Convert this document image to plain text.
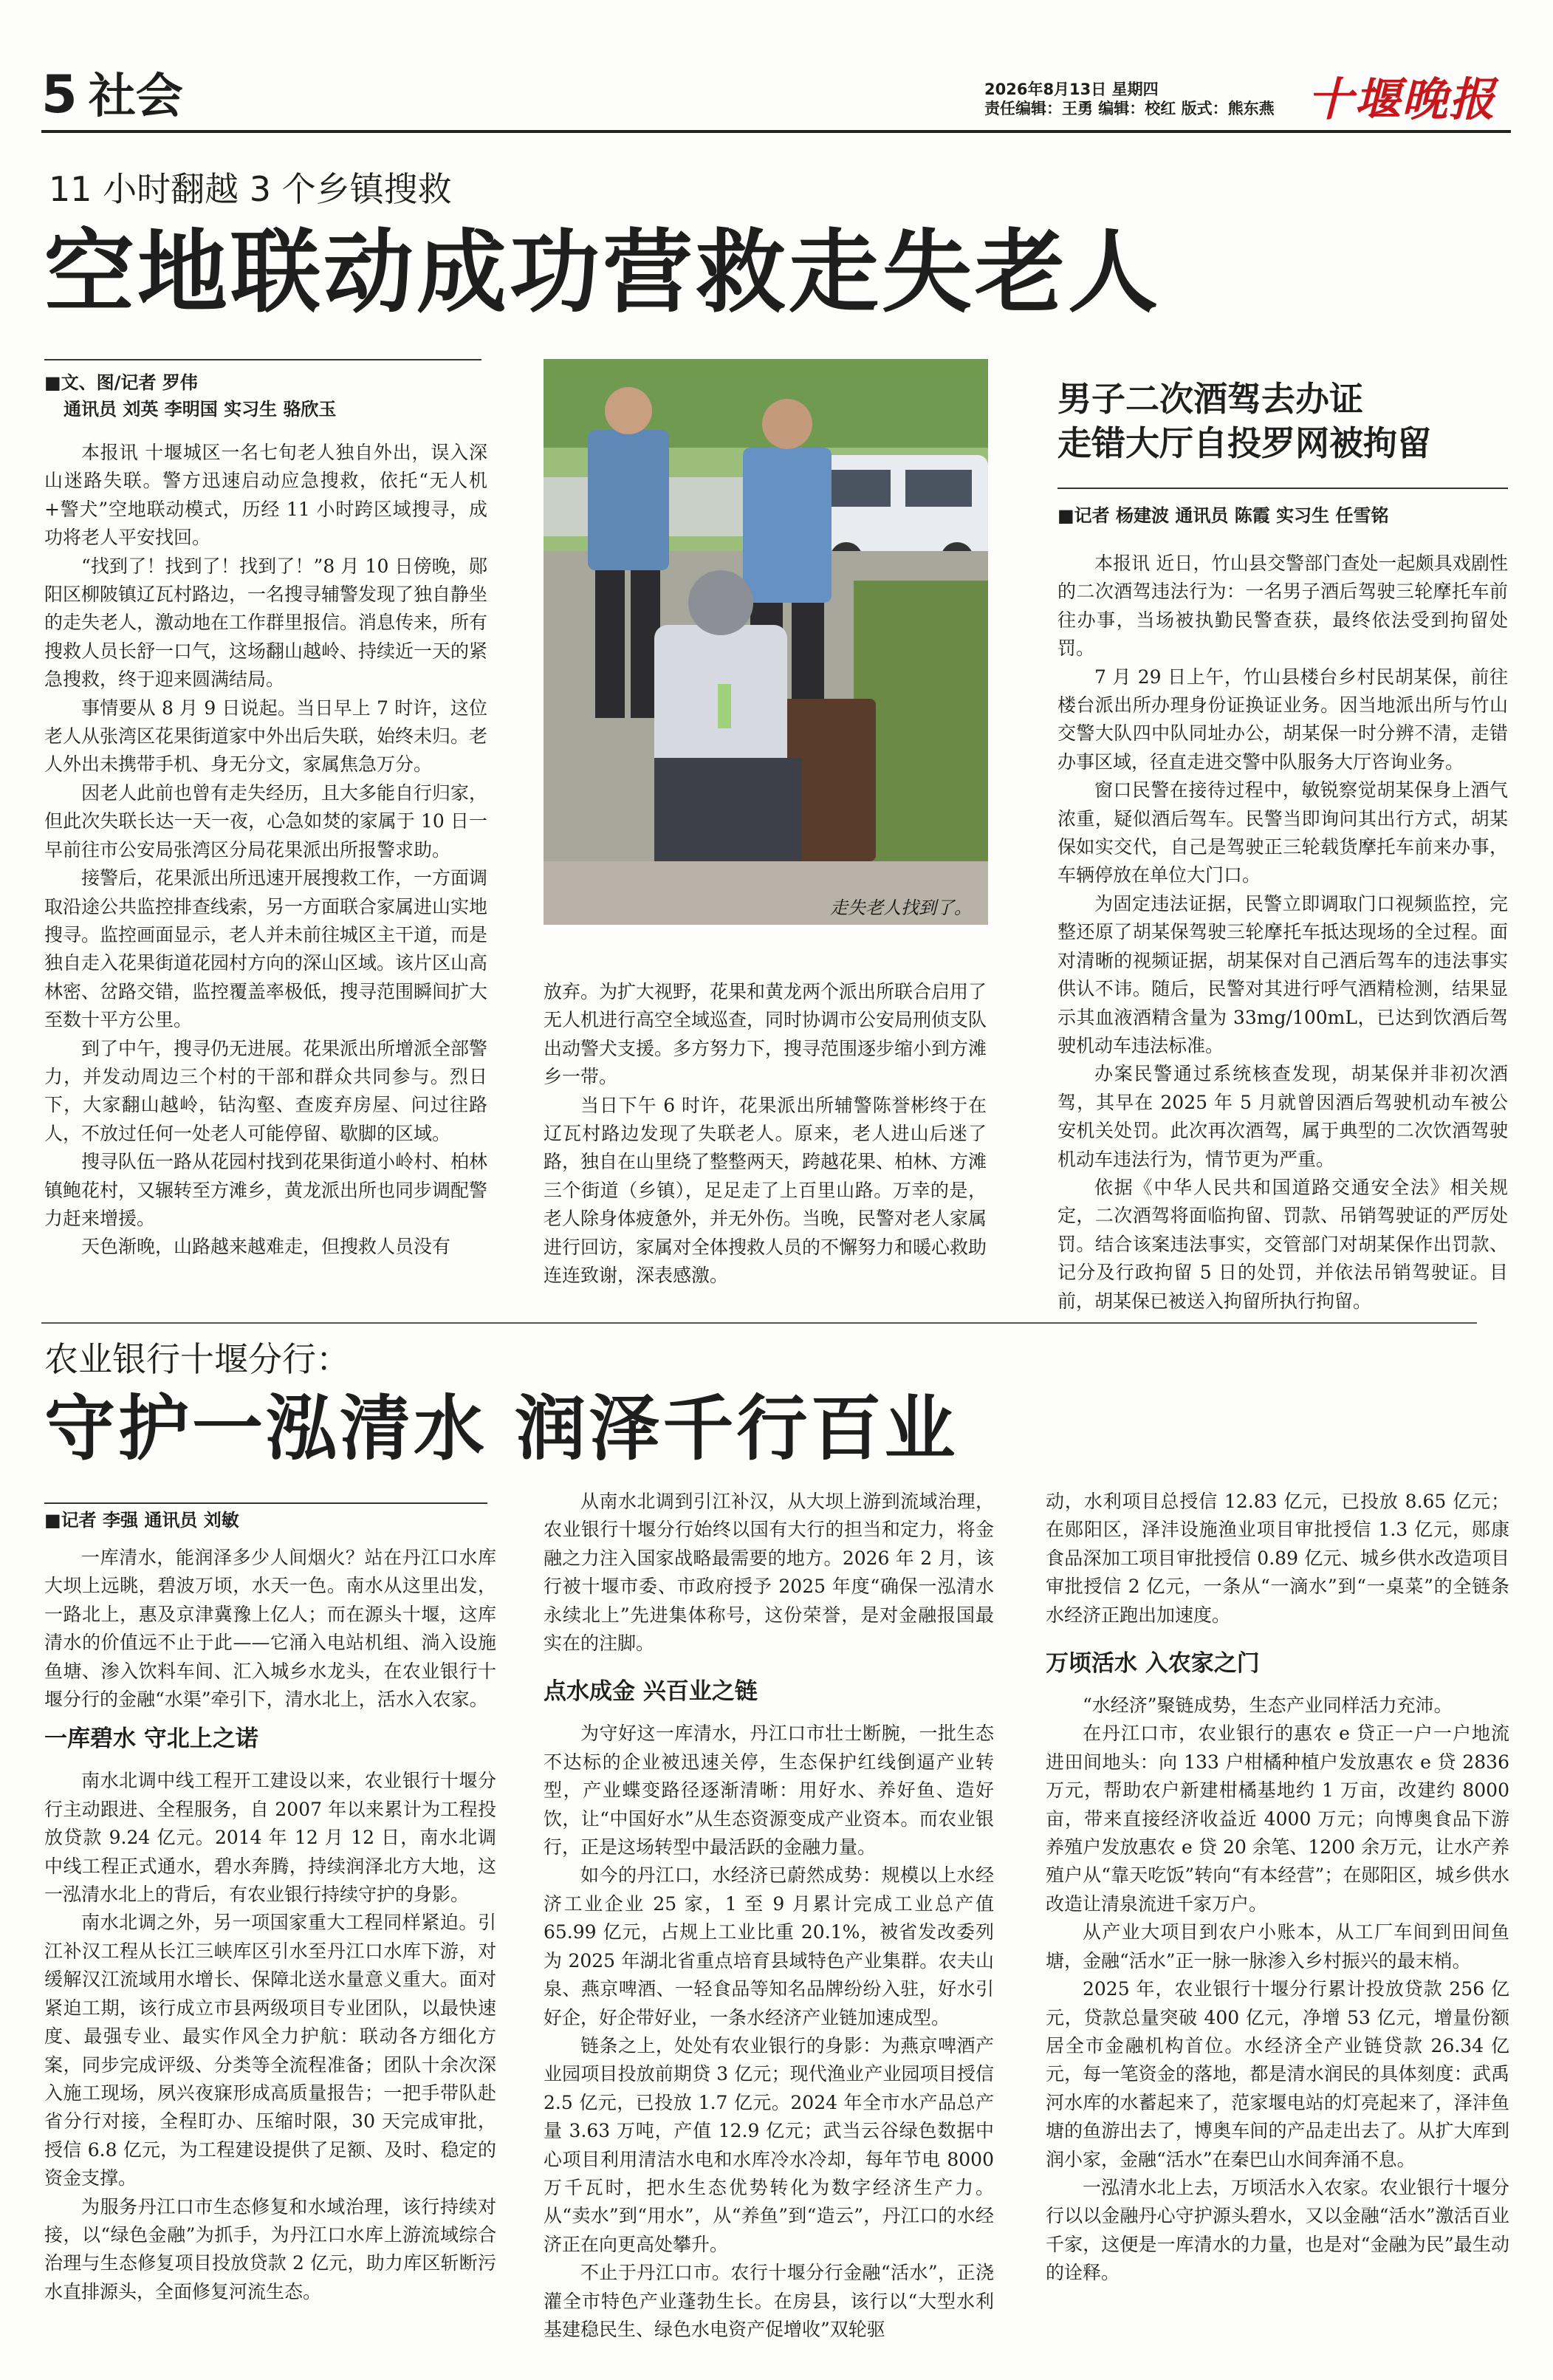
5 社会	2026年8月13日 星期四
责任编辑：王勇 编辑：校红 版式：熊东燕 十堰晚报
11 小时翻越 3 个乡镇搜救
空地联动成功营救走失老人
■文、图/记者 罗伟
通讯员 刘英 李明国 实习生 骆欣玉

本报讯 十堰城区一名七旬老人独自外出，误入深山迷路失联。警方迅速启动应急搜救，依托“无人机+警犬”空地联动模式，历经 11 小时跨区域搜寻，成功将老人平安找回。

“找到了！找到了！找到了！”8 月 10 日傍晚，郧阳区柳陂镇辽瓦村路边，一名搜寻辅警发现了独自静坐的走失老人，激动地在工作群里报信。消息传来，所有搜救人员长舒一口气，这场翻山越岭、持续近一天的紧急搜救，终于迎来圆满结局。

事情要从 8 月 9 日说起。当日早上 7 时许，这位老人从张湾区花果街道家中外出后失联，始终未归。老人外出未携带手机、身无分文，家属焦急万分。

因老人此前也曾有走失经历，且大多能自行归家，但此次失联长达一天一夜，心急如焚的家属于 10 日一早前往市公安局张湾区分局花果派出所报警求助。

接警后，花果派出所迅速开展搜救工作，一方面调取沿途公共监控排查线索，另一方面联合家属进山实地搜寻。监控画面显示，老人并未前往城区主干道，而是独自走入花果街道花园村方向的深山区域。该片区山高林密、岔路交错，监控覆盖率极低，搜寻范围瞬间扩大至数十平方公里。

到了中午，搜寻仍无进展。花果派出所增派全部警力，并发动周边三个村的干部和群众共同参与。烈日下，大家翻山越岭，钻沟壑、查废弃房屋、问过往路人，不放过任何一处老人可能停留、歇脚的区域。

搜寻队伍一路从花园村找到花果街道小岭村、柏林镇鲍花村，又辗转至方滩乡，黄龙派出所也同步调配警力赶来增援。

天色渐晚，山路越来越难走，但搜救人员没有

走失老人找到了。

放弃。为扩大视野，花果和黄龙两个派出所联合启用了无人机进行高空全域巡查，同时协调市公安局刑侦支队出动警犬支援。多方努力下，搜寻范围逐步缩小到方滩乡一带。

当日下午 6 时许，花果派出所辅警陈誉彬终于在辽瓦村路边发现了失联老人。原来，老人进山后迷了路，独自在山里绕了整整两天，跨越花果、柏林、方滩三个街道（乡镇），足足走了上百里山路。万幸的是，老人除身体疲惫外，并无外伤。当晚，民警对老人家属进行回访，家属对全体搜救人员的不懈努力和暖心救助连连致谢，深表感激。

男子二次酒驾去办证
走错大厅自投罗网被拘留
■记者 杨建波 通讯员 陈霞 实习生 任雪铭

本报讯 近日，竹山县交警部门查处一起颇具戏剧性的二次酒驾违法行为：一名男子酒后驾驶三轮摩托车前往办事，当场被执勤民警查获，最终依法受到拘留处罚。

7 月 29 日上午，竹山县楼台乡村民胡某保，前往楼台派出所办理身份证换证业务。因当地派出所与竹山交警大队四中队同址办公，胡某保一时分辨不清，走错办事区域，径直走进交警中队服务大厅咨询业务。

窗口民警在接待过程中，敏锐察觉胡某保身上酒气浓重，疑似酒后驾车。民警当即询问其出行方式，胡某保如实交代，自己是驾驶正三轮载货摩托车前来办事，车辆停放在单位大门口。

为固定违法证据，民警立即调取门口视频监控，完整还原了胡某保驾驶三轮摩托车抵达现场的全过程。面对清晰的视频证据，胡某保对自己酒后驾车的违法事实供认不讳。随后，民警对其进行呼气酒精检测，结果显示其血液酒精含量为 33mg/100mL，已达到饮酒后驾驶机动车违法标准。

办案民警通过系统核查发现，胡某保并非初次酒驾，其早在 2025 年 5 月就曾因酒后驾驶机动车被公安机关处罚。此次再次酒驾，属于典型的二次饮酒驾驶机动车违法行为，情节更为严重。

依据《中华人民共和国道路交通安全法》相关规定，二次酒驾将面临拘留、罚款、吊销驾驶证的严厉处罚。结合该案违法事实，交管部门对胡某保作出罚款、记分及行政拘留 5 日的处罚，并依法吊销驾驶证。目前，胡某保已被送入拘留所执行拘留。

农业银行十堰分行：
守护一泓清水 润泽千行百业
■记者 李强 通讯员 刘敏

一库清水，能润泽多少人间烟火？站在丹江口水库大坝上远眺，碧波万顷，水天一色。南水从这里出发，一路北上，惠及京津冀豫上亿人；而在源头十堰，这库清水的价值远不止于此——它涌入电站机组、淌入设施鱼塘、渗入饮料车间、汇入城乡水龙头，在农业银行十堰分行的金融“水渠”牵引下，清水北上，活水入农家。

一库碧水 守北上之诺

南水北调中线工程开工建设以来，农业银行十堰分行主动跟进、全程服务，自 2007 年以来累计为工程投放贷款 9.24 亿元。2014 年 12 月 12 日，南水北调中线工程正式通水，碧水奔腾，持续润泽北方大地，这一泓清水北上的背后，有农业银行持续守护的身影。

南水北调之外，另一项国家重大工程同样紧迫。引江补汉工程从长江三峡库区引水至丹江口水库下游，对缓解汉江流域用水增长、保障北送水量意义重大。面对紧迫工期，该行成立市县两级项目专业团队，以最快速度、最强专业、最实作风全力护航：联动各方细化方案，同步完成评级、分类等全流程准备；团队十余次深入施工现场，夙兴夜寐形成高质量报告；一把手带队赴省分行对接，全程盯办、压缩时限，30 天完成审批，授信 6.8 亿元，为工程建设提供了足额、及时、稳定的资金支撑。

为服务丹江口市生态修复和水域治理，该行持续对接，以“绿色金融”为抓手，为丹江口水库上游流域综合治理与生态修复项目投放贷款 2 亿元，助力库区斩断污水直排源头，全面修复河流生态。

从南水北调到引江补汉，从大坝上游到流域治理，农业银行十堰分行始终以国有大行的担当和定力，将金融之力注入国家战略最需要的地方。2026 年 2 月，该行被十堰市委、市政府授予 2025 年度“确保一泓清水永续北上”先进集体称号，这份荣誉，是对金融报国最实在的注脚。

点水成金 兴百业之链

为守好这一库清水，丹江口市壮士断腕，一批生态不达标的企业被迅速关停，生态保护红线倒逼产业转型，产业蝶变路径逐渐清晰：用好水、养好鱼、造好饮，让“中国好水”从生态资源变成产业资本。而农业银行，正是这场转型中最活跃的金融力量。

如今的丹江口，水经济已蔚然成势：规模以上水经济工业企业 25 家，1 至 9 月累计完成工业总产值 65.99 亿元，占规上工业比重 20.1%，被省发改委列为 2025 年湖北省重点培育县域特色产业集群。农夫山泉、燕京啤酒、一轻食品等知名品牌纷纷入驻，好水引好企，好企带好业，一条水经济产业链加速成型。

链条之上，处处有农业银行的身影：为燕京啤酒产业园项目投放前期贷 3 亿元；现代渔业产业园项目授信 2.5 亿元，已投放 1.7 亿元。2024 年全市水产品总产量 3.63 万吨，产值 12.9 亿元；武当云谷绿色数据中心项目利用清洁水电和水库冷水冷却，每年节电 8000 万千瓦时，把水生态优势转化为数字经济生产力。从“卖水”到“用水”，从“养鱼”到“造云”，丹江口的水经济正在向更高处攀升。

不止于丹江口市。农行十堰分行金融“活水”，正浇灌全市特色产业蓬勃生长。在房县，该行以“大型水利基建稳民生、绿色水电资产促增收”双轮驱

动，水利项目总授信 12.83 亿元，已投放 8.65 亿元；在郧阳区，泽沣设施渔业项目审批授信 1.3 亿元，郧康食品深加工项目审批授信 0.89 亿元、城乡供水改造项目审批授信 2 亿元，一条从“一滴水”到“一桌菜”的全链条水经济正跑出加速度。

万顷活水 入农家之门

“水经济”聚链成势，生态产业同样活力充沛。

在丹江口市，农业银行的惠农 e 贷正一户一户地流进田间地头：向 133 户柑橘种植户发放惠农 e 贷 2836 万元，帮助农户新建柑橘基地约 1 万亩，改建约 8000 亩，带来直接经济收益近 4000 万元；向博奥食品下游养殖户发放惠农 e 贷 20 余笔、1200 余万元，让水产养殖户从“靠天吃饭”转向“有本经营”；在郧阳区，城乡供水改造让清泉流进千家万户。

从产业大项目到农户小账本，从工厂车间到田间鱼塘，金融“活水”正一脉一脉渗入乡村振兴的最末梢。

2025 年，农业银行十堰分行累计投放贷款 256 亿元，贷款总量突破 400 亿元，净增 53 亿元，增量份额居全市金融机构首位。水经济全产业链贷款 26.34 亿元，每一笔资金的落地，都是清水润民的具体刻度：武禹河水库的水蓄起来了，范家堰电站的灯亮起来了，泽沣鱼塘的鱼游出去了，博奥车间的产品走出去了。从扩大库到润小家，金融“活水”在秦巴山水间奔涌不息。

一泓清水北上去，万顷活水入农家。农业银行十堰分行以以金融丹心守护源头碧水，又以金融“活水”激活百业千家，这便是一库清水的力量，也是对“金融为民”最生动的诠释。
